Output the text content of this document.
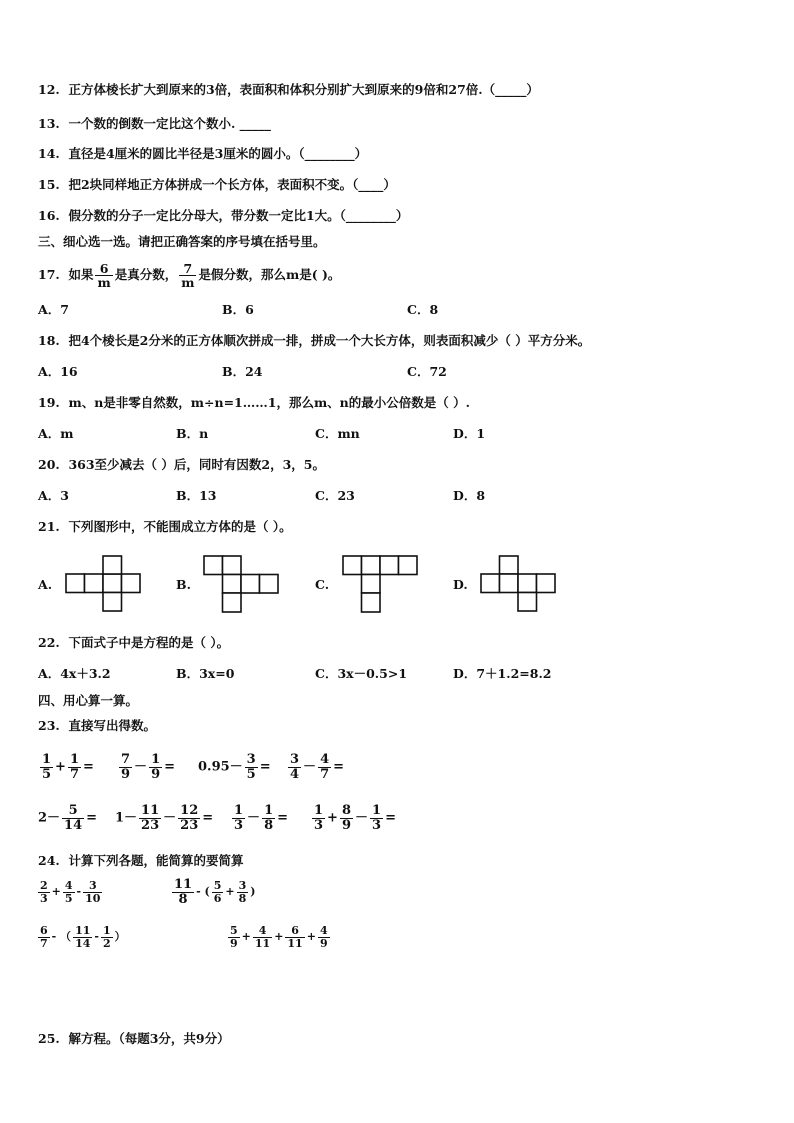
12. 正方体棱长扩大到原来的3倍，表面积和体积分别扩大到原来的9倍和27倍.（_____）
13. 一个数的倒数一定比这个数小. _____
14. 直径是4厘米的圆比半径是3厘米的圆小。（________）
15. 把2块同样地正方体拼成一个长方体，表面积不变。（____）
16. 假分数的分子一定比分母大，带分数一定比1大。（________）
三、细心选一选。请把正确答案的序号填在括号里。
17. 如果 $\frac{6}{m}$ 是真分数， $\frac{7}{m}$ 是假分数，那么m是( )。
A．7	B．6	C．8
18. 把4个棱长是2分米的正方体顺次拼成一排，拼成一个大长方体，则表面积减少（ ）平方分米。
A．16	B．24	C．72
19. m、n是非零自然数，m÷n=1……1，那么m、n的最小公倍数是（ ）.
A．m	B．n	C．mn	D．1
20. 363至少减去（ ）后，同时有因数2，3，5。
A．3	B．13	C．23	D．8
21. 下列图形中，不能围成立方体的是（ ）。
A.	B.	C.	D.
22. 下面式子中是方程的是（ ）。
A．4x＋3.2	B．3x=0	C．3x－0.5>1	D．7＋1.2=8.2
四、用心算一算。
23. 直接写出得数。
$\frac{1}{5} + \frac{1}{7} = \frac{7}{9} - \frac{1}{9} = 0.95- \frac{3}{5} = \frac{3}{4} - \frac{4}{7}$ =
$2- \frac{5}{14} = 1- \frac{11}{23} - \frac{12}{23} = \frac{1}{3} - \frac{1}{8} = \frac{1}{3} + \frac{8}{9} - \frac{1}{3}$ =
24. 计算下列各题，能简算的要简算
$\frac{2}{3} + \frac{4}{5} - \frac{3}{10}$	$\frac{11}{8}$ - ( $\frac{5}{6} + \frac{3}{8}$ )
$\frac{6}{7}$ - （ $\frac{11}{14} - \frac{1}{2}$ ）	$\frac{5}{9} + \frac{4}{11} + \frac{6}{11} + \frac{4}{9}$
25. 解方程。（每题3分，共9分）
